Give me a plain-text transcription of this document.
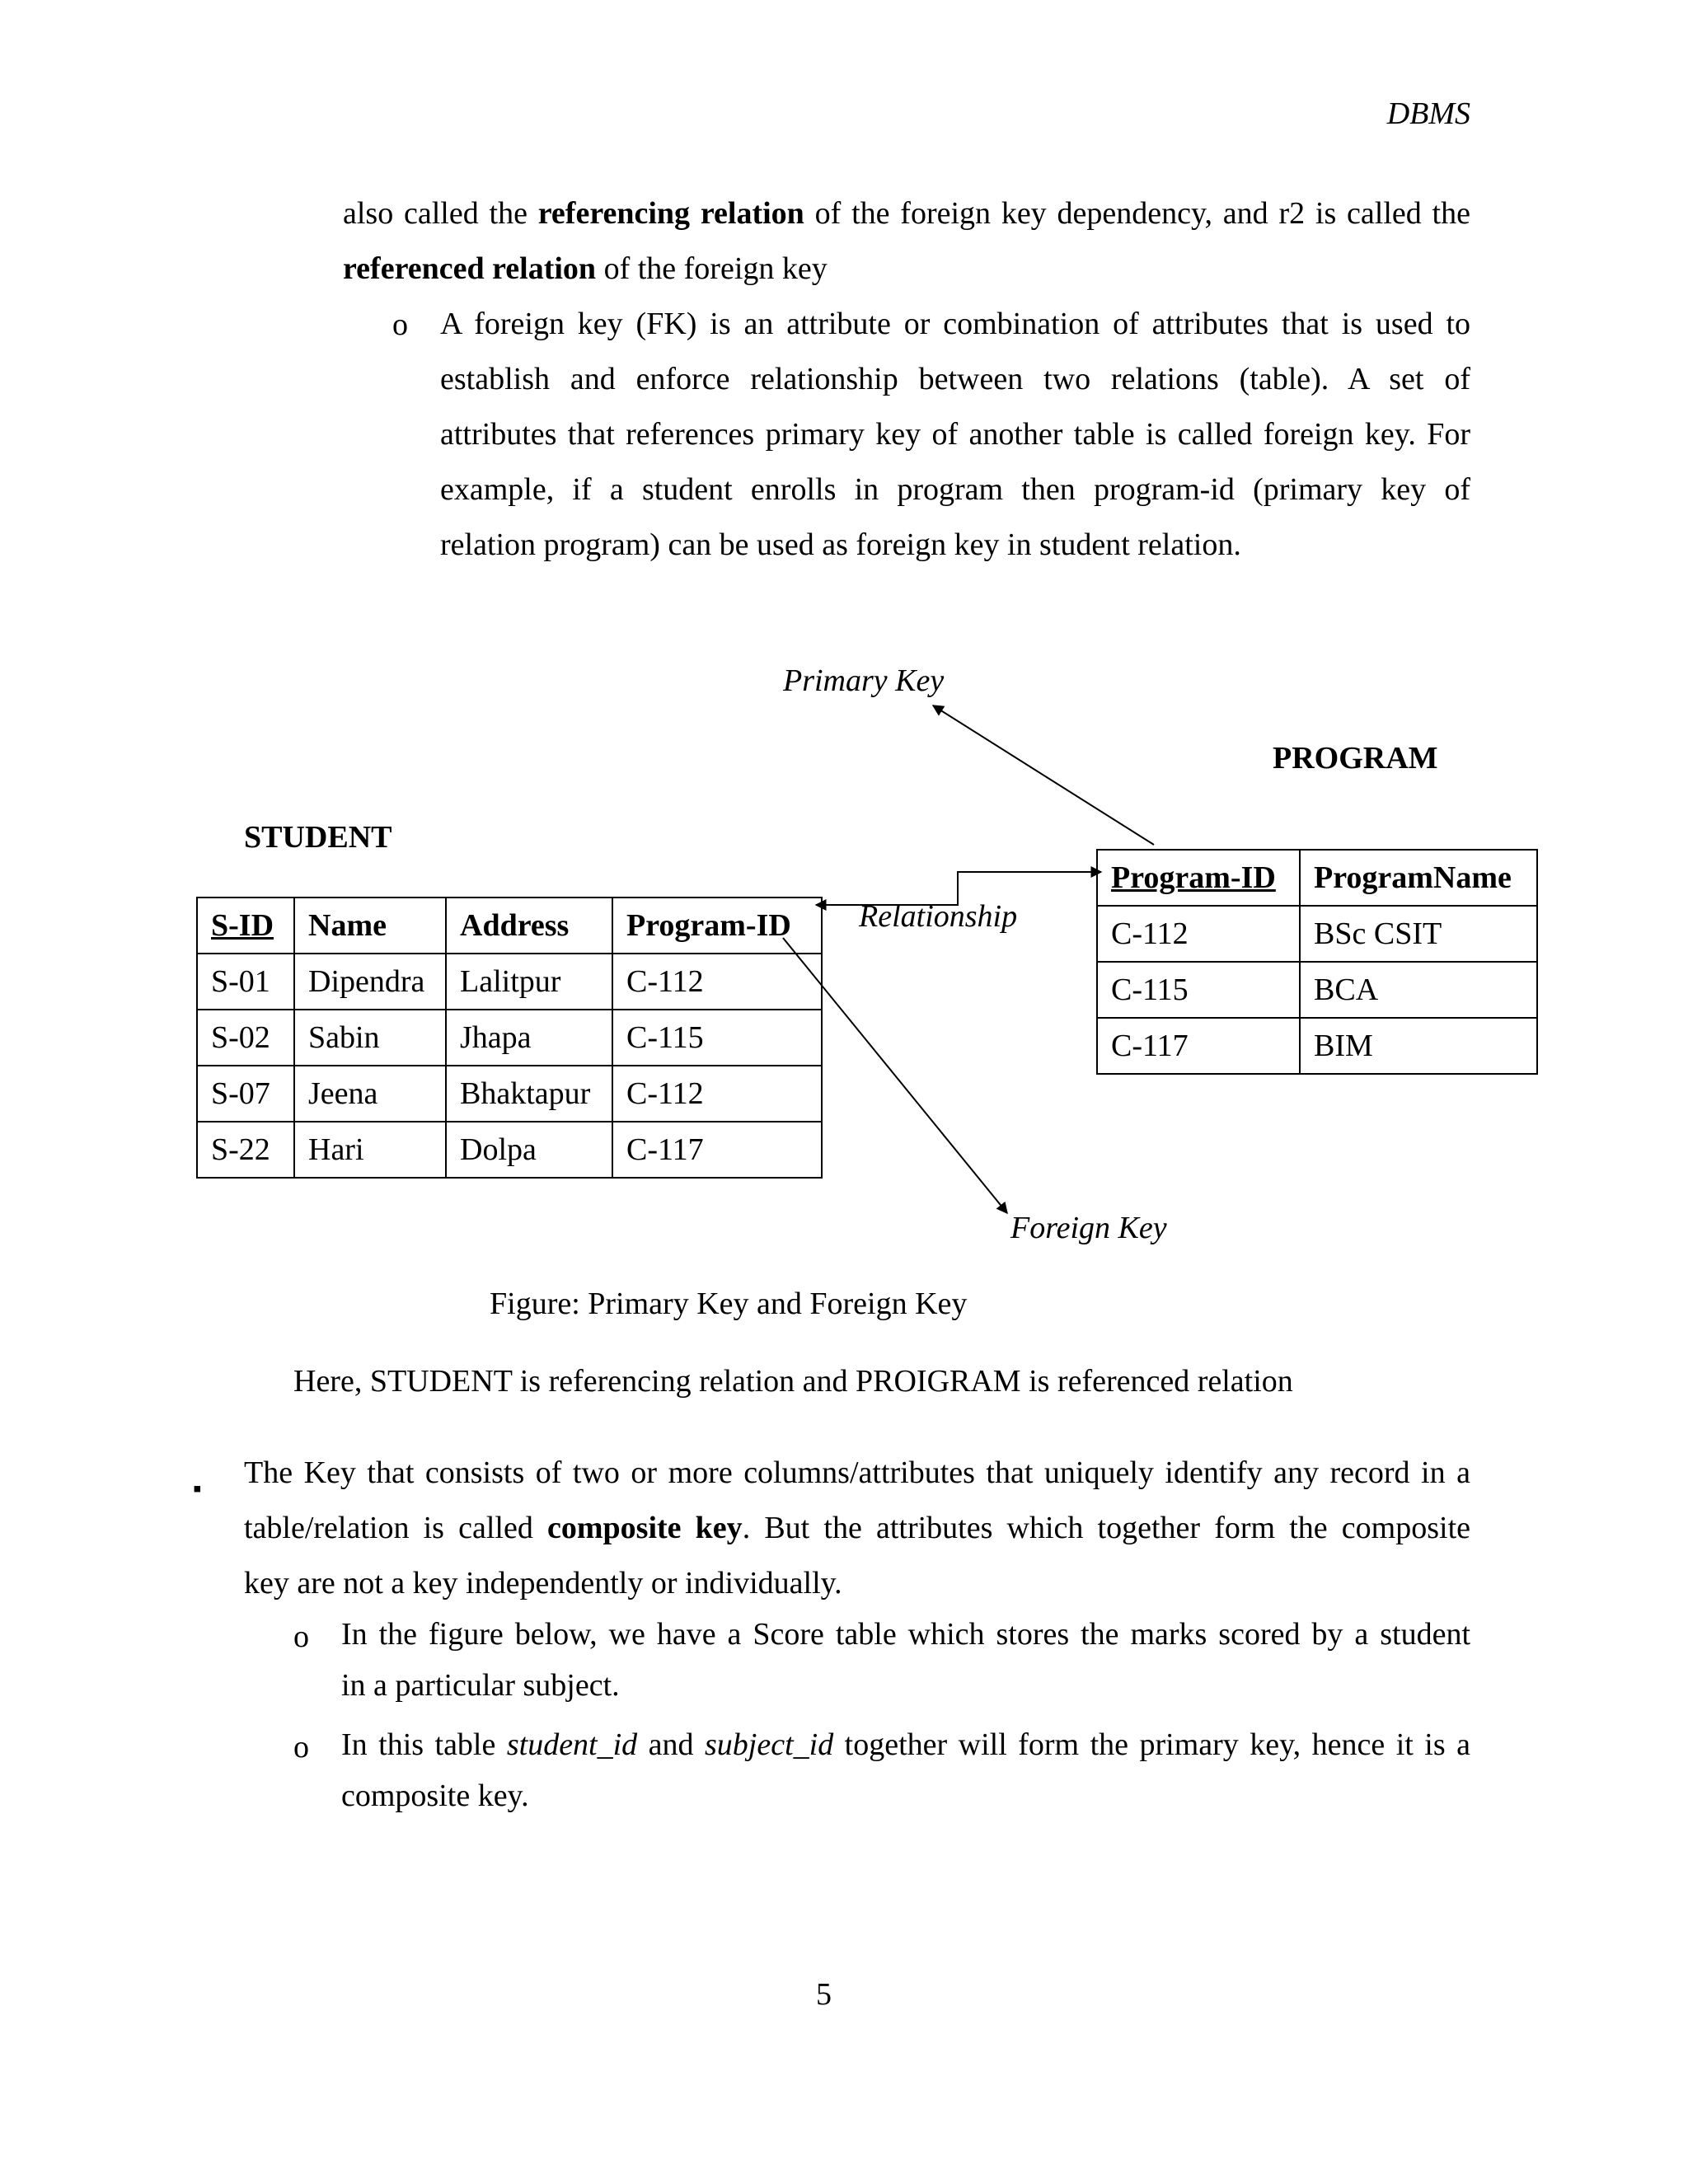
DBMS
also called the referencing relation of the foreign key dependency, and r2 is called the
referenced relation of the foreign key
o A foreign key (FK) is an attribute or combination of attributes that is used to
establish and enforce relationship between two relations (table). A set of
attributes that references primary key of another table is called foreign key. For
example, if a student enrolls in program then program-id (primary key of
relation program) can be used as foreign key in student relation.
Primary Key
PROGRAM
STUDENT
Relationship
Foreign Key
S-ID	Name	Address	Program-ID
S-01	Dipendra	Lalitpur	C-112
S-02	Sabin	Jhapa	C-115
S-07	Jeena	Bhaktapur	C-112
S-22	Hari	Dolpa	C-117
Program-ID	ProgramName
C-112	BSc CSIT
C-115	BCA
C-117	BIM
Figure: Primary Key and Foreign Key
Here, STUDENT is referencing relation and PROIGRAM is referenced relation
▪ The Key that consists of two or more columns/attributes that uniquely identify any record in a
table/relation is called composite key. But the attributes which together form the composite
key are not a key independently or individually.
o In the figure below, we have a Score table which stores the marks scored by a student
in a particular subject.
o In this table student_id and subject_id together will form the primary key, hence it is a
composite key.
5
